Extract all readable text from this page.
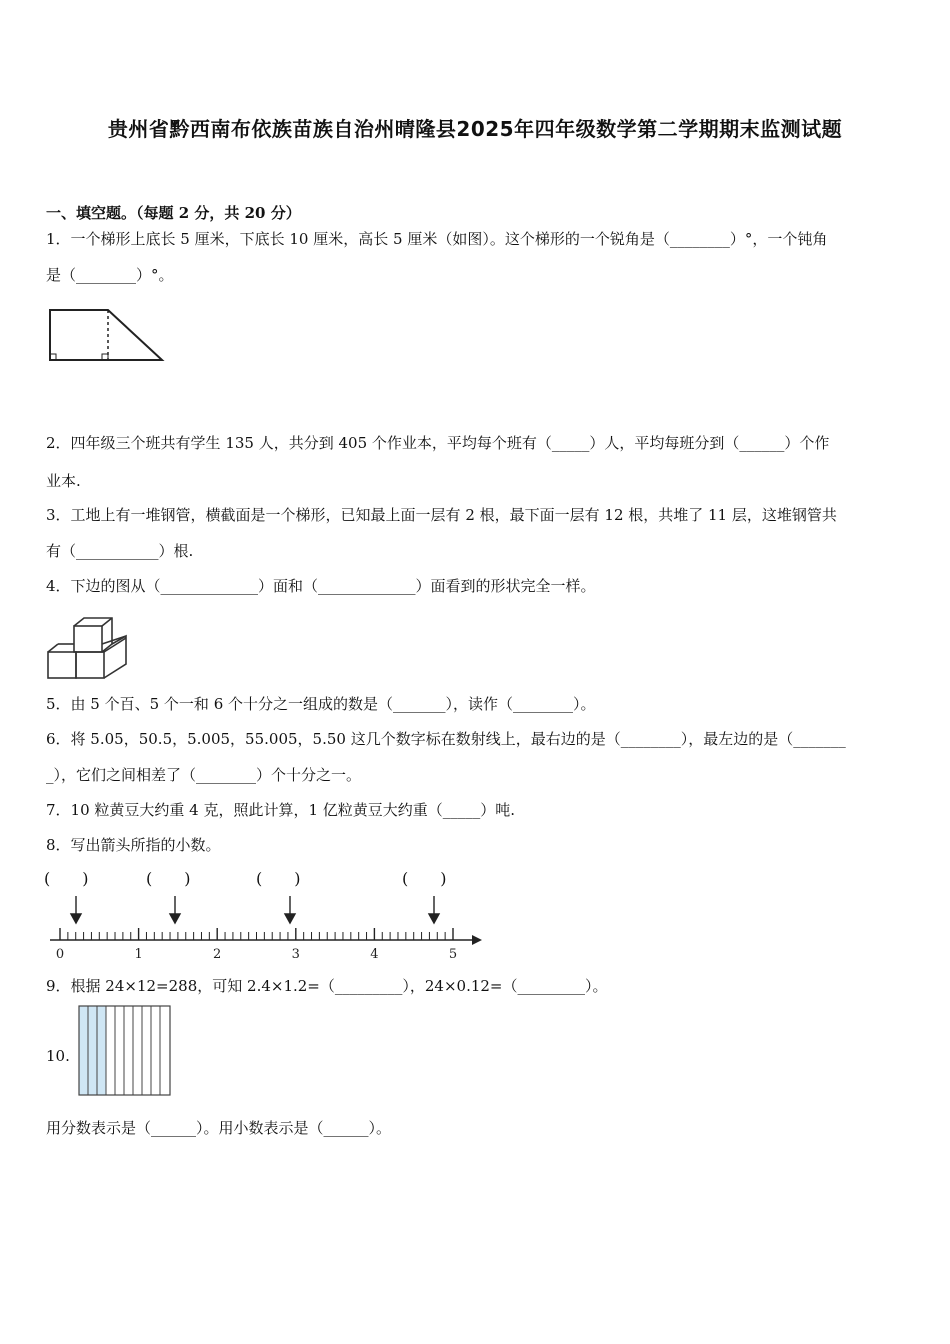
贵州省黔西南布依族苗族自治州晴隆县2025年四年级数学第二学期期末监测试题
一、填空题。（每题 2 分，共 20 分）
1．一个梯形上底长 5 厘米，下底长 10 厘米，高长 5 厘米（如图）。这个梯形的一个锐角是（________）°，一个钝角
是（________）°。
2．四年级三个班共有学生 135 人，共分到 405 个作业本，平均每个班有（_____）人，平均每班分到（______）个作
业本.
3．工地上有一堆钢管，横截面是一个梯形，已知最上面一层有 2 根，最下面一层有 12 根，共堆了 11 层，这堆钢管共
有（___________）根.
4．下边的图从（_____________）面和（_____________）面看到的形状完全一样。
5．由 5 个百、5 个一和 6 个十分之一组成的数是（_______），读作（________）。
6．将 5.05，50.5，5.005，55.005，5.50 这几个数字标在数射线上，最右边的是（________），最左边的是（_______
_），它们之间相差了（________）个十分之一。
7．10 粒黄豆大约重 4 克，照此计算，1 亿粒黄豆大约重（_____）吨.
8．写出箭头所指的小数。
(　　)	(　　)	(　　)	(　　)
0	1	2	3	4	5
9．根据 24×12=288，可知 2.4×1.2=（_________），24×0.12=（_________）。
10.
用分数表示是（______）。用小数表示是（______）。
